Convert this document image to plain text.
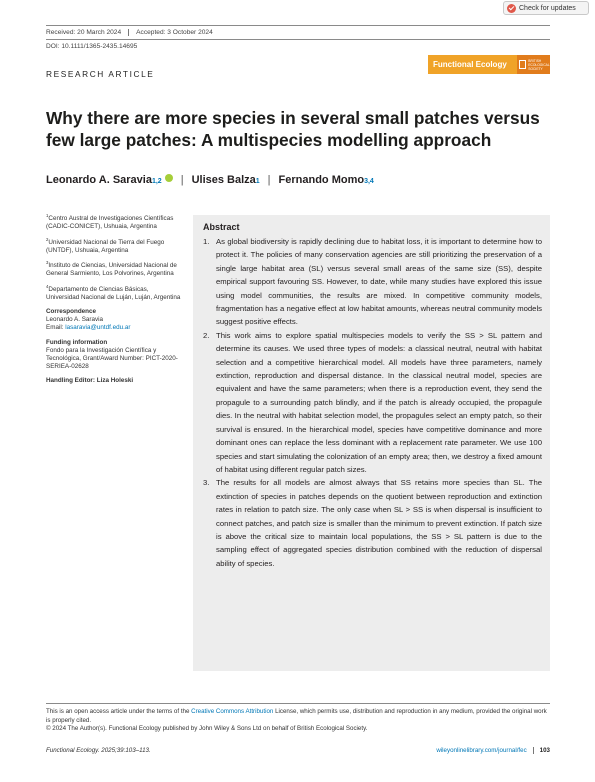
Check for updates
Received: 20 March 2024	Accepted: 3 October 2024
DOI: 10.1111/1365-2435.14695
RESEARCH ARTICLE
Functional Ecology	BRITISH
ECOLOGICAL
SOCIETY
Why there are more species in several small patches versus few large patches: A multispecies modelling approach
Leonardo A. Saravia 1,2 | Ulises Balza 1 | Fernando Momo 3,4
$^1$Centro Austral de Investigaciones Científicas (CADIC-CONICET), Ushuaia, Argentina
$^2$Universidad Nacional de Tierra del Fuego (UNTDF), Ushuaia, Argentina
$^3$Instituto de Ciencias, Universidad Nacional de General Sarmiento, Los Polvorines, Argentina
$^4$Departamento de Ciencias Básicas, Universidad Nacional de Luján, Luján, Argentina
Correspondence
Leonardo A. Saravia
Email: lasaravia@untdf.edu.ar
Funding information
Fondo para la Investigación Científica y Tecnológica, Grant/Award Number: PICT-2020-SERIEA-02628
Handling Editor: Liza Holeski
Abstract
1. As global biodiversity is rapidly declining due to habitat loss, it is important to determine how to protect it. The policies of many conservation agencies are still prioritizing the preservation of a single large habitat area (SL) versus several small areas of the same size (SS), despite empirical support favouring SS. However, to date, while many studies have explored this issue using model communities, the results are mixed. In competitive community models, fragmentation has a negative effect at low habitat amounts, whereas neutral community models suggest positive effects.
2. This work aims to explore spatial multispecies models to verify the SS > SL pattern and determine its causes. We used three types of models: a classical neutral, neutral with habitat selection and a competitive hierarchical model. All models have three parameters, namely extinction, reproduction and dispersal distance. In the classical neutral model, species are equivalent and have the same parameters; when there is a reproduction event, they send the propagule to a surrounding patch blindly, and if the patch is already occupied, the propagule dies. In the neutral with habitat selection model, the propagules select an empty patch, so their survival is ensured. In the hierarchical model, species have competitive dominance and more dominant ones can replace the less dominant with a replacement rate parameter. We use 100 species and start simulating the colonization of an empty area; then, we destroy a fixed amount of habitat using different regular patch sizes.
3. The results for all models are almost always that SS retains more species than SL. The extinction of species in patches depends on the quotient between reproduction and extinction rates in relation to patch size. The only case when SL > SS is when dispersal is insufficient to connect patches, and patch size is smaller than the minimum to prevent extinction. If patch size is above the critical size to maintain local populations, the SS > SL pattern is due to the sampling effect of aggregated species distribution combined with the reduction of dispersal ability of species.
This is an open access article under the terms of the Creative Commons Attribution License, which permits use, distribution and reproduction in any medium, provided the original work is properly cited.
© 2024 The Author(s). Functional Ecology published by John Wiley & Sons Ltd on behalf of British Ecological Society.
Functional Ecology. 2025;39:103–113.	wileyonlinelibrary.com/journal/fec 103
